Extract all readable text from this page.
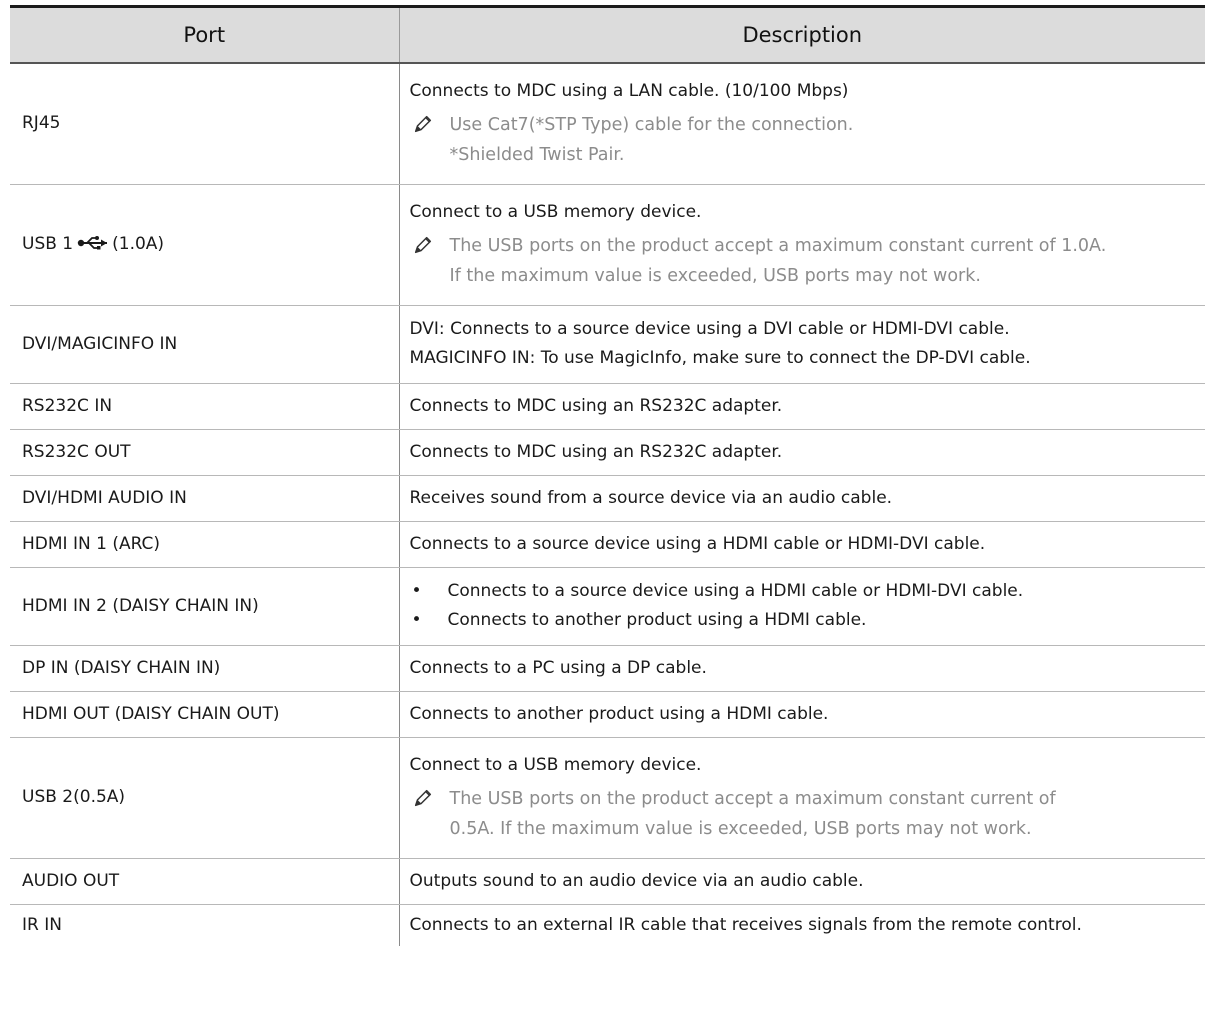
Port	Description
RJ45	Connects to MDC using a LAN cable. (10/100 Mbps)
Use Cat7(*STP Type) cable for the connection.
*Shielded Twist Pair.

USB 1 (1.0A)	Connect to a USB memory device.
The USB ports on the product accept a maximum constant current of 1.0A.
If the maximum value is exceeded, USB ports may not work.

DVI/MAGICINFO IN	DVI: Connects to a source device using a DVI cable or HDMI-DVI cable.
MAGICINFO IN: To use MagicInfo, make sure to connect the DP-DVI cable.

RS232C IN	Connects to MDC using an RS232C adapter.

RS232C OUT	Connects to MDC using an RS232C adapter.

DVI/HDMI AUDIO IN	Receives sound from a source device via an audio cable.

HDMI IN 1 (ARC)	Connects to a source device using a HDMI cable or HDMI-DVI cable.

HDMI IN 2 (DAISY CHAIN IN)	• Connects to a source device using a HDMI cable or HDMI-DVI cable.
• Connects to another product using a HDMI cable.

DP IN (DAISY CHAIN IN)	Connects to a PC using a DP cable.

HDMI OUT (DAISY CHAIN OUT)	Connects to another product using a HDMI cable.

USB 2(0.5A)	Connect to a USB memory device.
The USB ports on the product accept a maximum constant current of
0.5A. If the maximum value is exceeded, USB ports may not work.

AUDIO OUT	Outputs sound to an audio device via an audio cable.

IR IN	Connects to an external IR cable that receives signals from the remote control.
